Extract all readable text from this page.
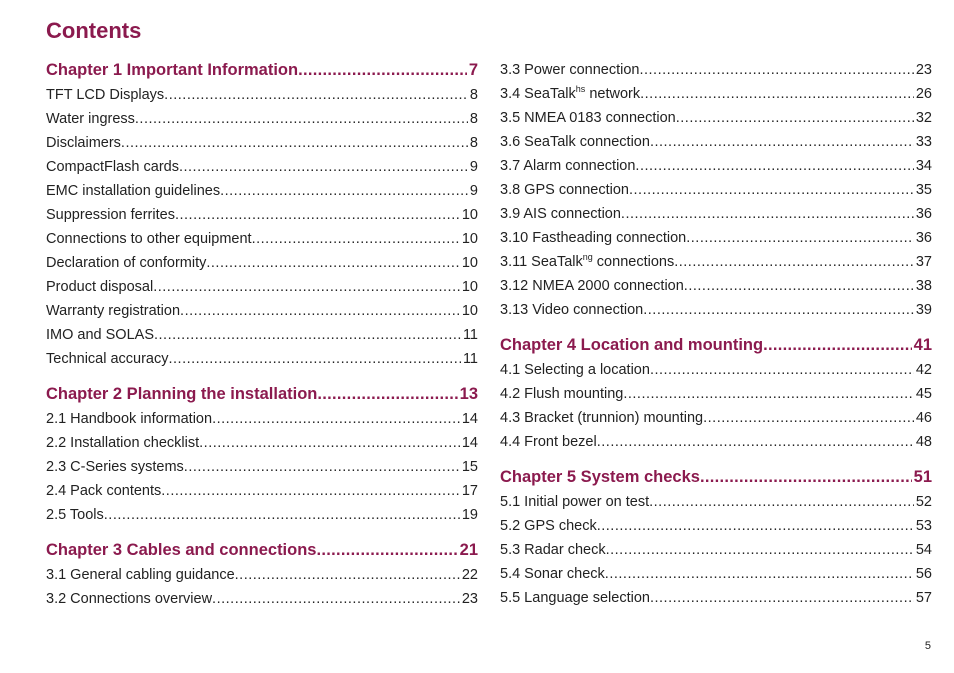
Contents
Chapter 1 Important Information .....	7
TFT LCD Displays .....	8
Water ingress .....	8
Disclaimers .....	8
CompactFlash cards .....	9
EMC installation guidelines .....	9
Suppression ferrites .....	10
Connections to other equipment .....	10
Declaration of conformity .....	10
Product disposal .....	10
Warranty registration .....	10
IMO and SOLAS .....	11
Technical accuracy .....	11
Chapter 2 Planning the installation .....	13
2.1 Handbook information .....	14
2.2 Installation checklist .....	14
2.3 C-Series systems .....	15
2.4 Pack contents .....	17
2.5 Tools .....	19
Chapter 3 Cables and connections .....	21
3.1 General cabling guidance .....	22
3.2 Connections overview .....	23
3.3 Power connection .....	23
3.4 SeaTalk$^{hs}$ network .....	26
3.5 NMEA 0183 connection .....	32
3.6 SeaTalk connection .....	33
3.7 Alarm connection .....	34
3.8 GPS connection .....	35
3.9 AIS connection .....	36
3.10 Fastheading connection .....	36
3.11 SeaTalk$^{ng}$ connections .....	37
3.12 NMEA 2000 connection .....	38
3.13 Video connection .....	39
Chapter 4 Location and mounting .....	41
4.1 Selecting a location .....	42
4.2 Flush mounting .....	45
4.3 Bracket (trunnion) mounting .....	46
4.4 Front bezel .....	48
Chapter 5 System checks .....	51
5.1 Initial power on test .....	52
5.2 GPS check .....	53
5.3 Radar check .....	54
5.4 Sonar check .....	56
5.5 Language selection .....	57
5
